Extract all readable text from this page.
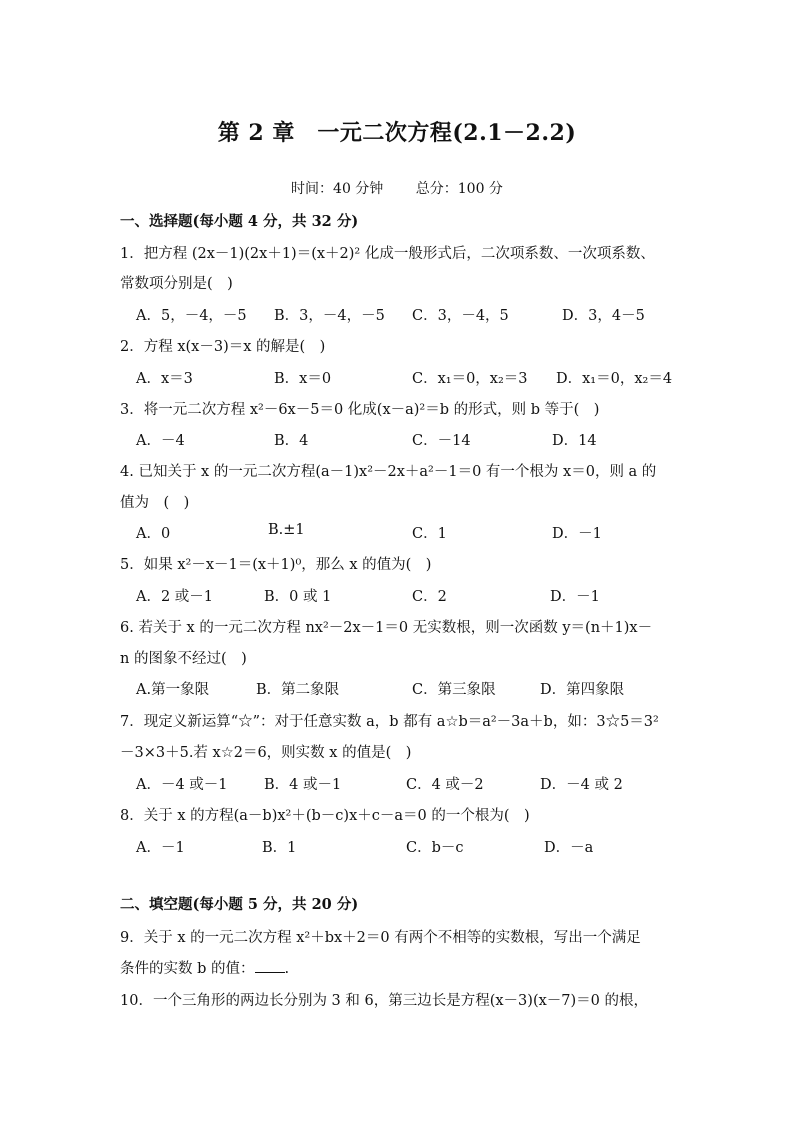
第 2 章　一元二次方程(2.1－2.2)
时间：40 分钟 总分：100 分
一、选择题(每小题 4 分，共 32 分)
1．把方程 (2x－1)(2x＋1)＝(x＋2)² 化成一般形式后，二次项系数、一次项系数、
常数项分别是(　)
A．5，－4，－5 B．3，－4，－5 C．3，－4，5	D．3，4－5
2．方程 x(x－3)＝x 的解是(　)
A．x＝3	B．x＝0	C．x₁＝0，x₂＝3 D．x₁＝0，x₂＝4
3．将一元二次方程 x²－6x－5＝0 化成(x－a)²＝b 的形式，则 b 等于(　)
A．－4	B．4	C．－14	D．14
4. 已知关于 x 的一元二次方程(a－1)x²－2x＋a²－1＝0 有一个根为 x＝0，则 a 的
值为　(　)
A．0	B.±1	C．1	D．－1
5．如果 x²－x－1＝(x＋1)⁰，那么 x 的值为(　)
A．2 或－1	B．0 或 1	C．2	D．－1
6. 若关于 x 的一元二次方程 nx²－2x－1＝0 无实数根，则一次函数 y＝(n＋1)x－
n 的图象不经过(　)
A.第一象限	B．第二象限	C．第三象限	D．第四象限
7．现定义新运算“☆”：对于任意实数 a，b 都有 a☆b＝a²－3a＋b，如：3☆5＝3²
－3×3＋5.若 x☆2＝6，则实数 x 的值是(　)
A．－4 或－1	B．4 或－1	C．4 或－2	D．－4 或 2
8．关于 x 的方程(a－b)x²＋(b－c)x＋c－a＝0 的一个根为(　)
A．－1	B．1	C．b－c	D．－a
二、填空题(每小题 5 分，共 20 分)
9．关于 x 的一元二次方程 x²＋bx＋2＝0 有两个不相等的实数根，写出一个满足
条件的实数 b 的值： .
10．一个三角形的两边长分别为 3 和 6，第三边长是方程(x－3)(x－7)＝0 的根，
